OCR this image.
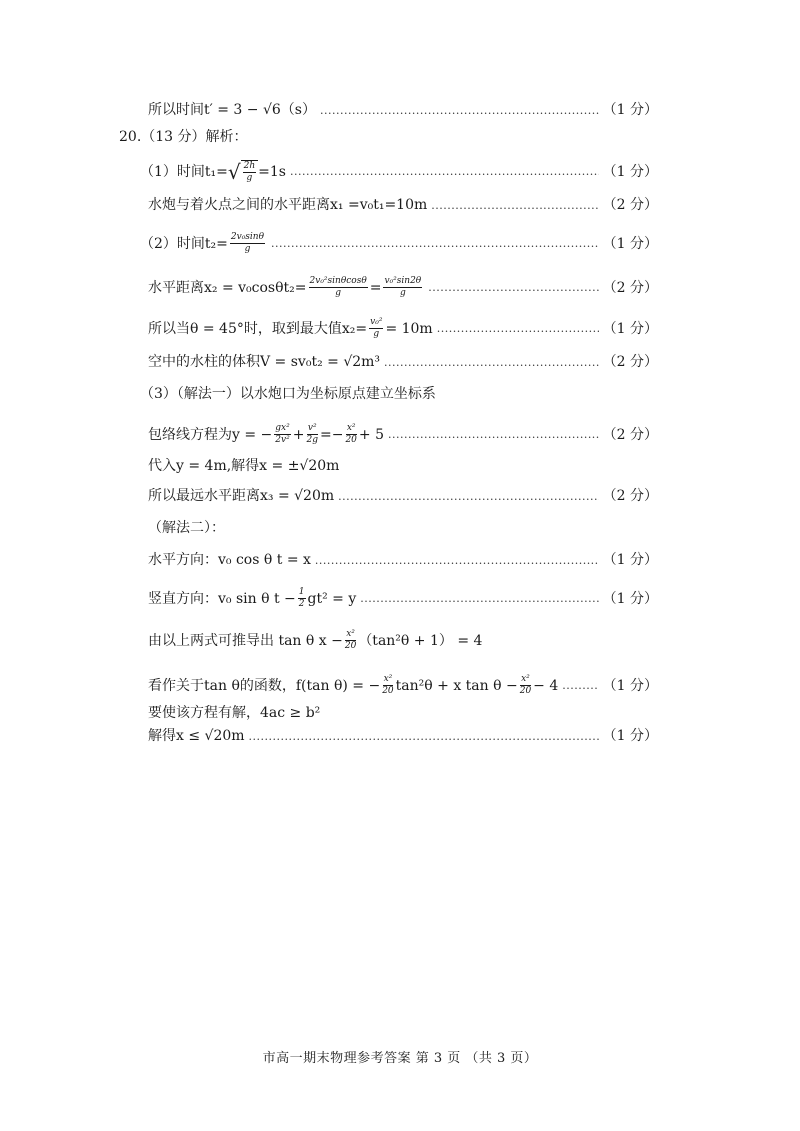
所以时间t′ = 3 − √6（s） .....	（1 分）
20.（13 分）解析：
（1）时间t₁= √ $\frac{2h}{g} =1s$ .....	（1 分）
水炮与着火点之间的水平距离x₁ =v₀t₁=10m .....	（2 分）
（2）时间$t_2= \frac{\text{2v₀sinθ}}{g}$ .....	（1 分）
水平距离$x_2 = v_0\cos\theta t_2= \frac{\text{2v₀²sinθcosθ}}{g} = \frac{\text{v₀²sin2θ}}{g}$ .....	（2 分）
所以当θ = 45°时，取到最大值$x_2= \frac{\text{v₀²}}{g} = 10m$ .....	（1 分）
空中的水柱的体积V = sv₀t₂ = √2m³ .....	（2 分）
（3）（解法一）以水炮口为坐标原点建立坐标系
包络线方程为y = − $\frac{\text{gx²}}{\text{2v²}} + \frac{\text{v²}}{2g} =- \frac{\text{x²}}{20} + 5$ .....	（2 分）
代入y = 4m,解得x = ±√20m
所以最远水平距离x₃ = √20m .....	（2 分）
（解法二）：
水平方向：v₀ cos θ t = x .....	（1 分）
竖直方向：v₀ sin θ $t - \frac{1}{2} gt^2 = y$ .....	（1 分）
由以上两式可推导出 tan θ $x - \frac{\text{x²}}{20} (\tan^2\theta + 1) = 4$
看作关于tan θ的函数，f(tan θ) = − $\frac{\text{x²}}{20} \tan^2\theta + x$ $\tan \theta - \frac{\text{x²}}{20} - 4$ .....	（1 分）
要使该方程有解，4ac ≥ b²
解得x ≤ √20m .....	（1 分）
市高一期末物理参考答案 第 3 页 （共 3 页）
